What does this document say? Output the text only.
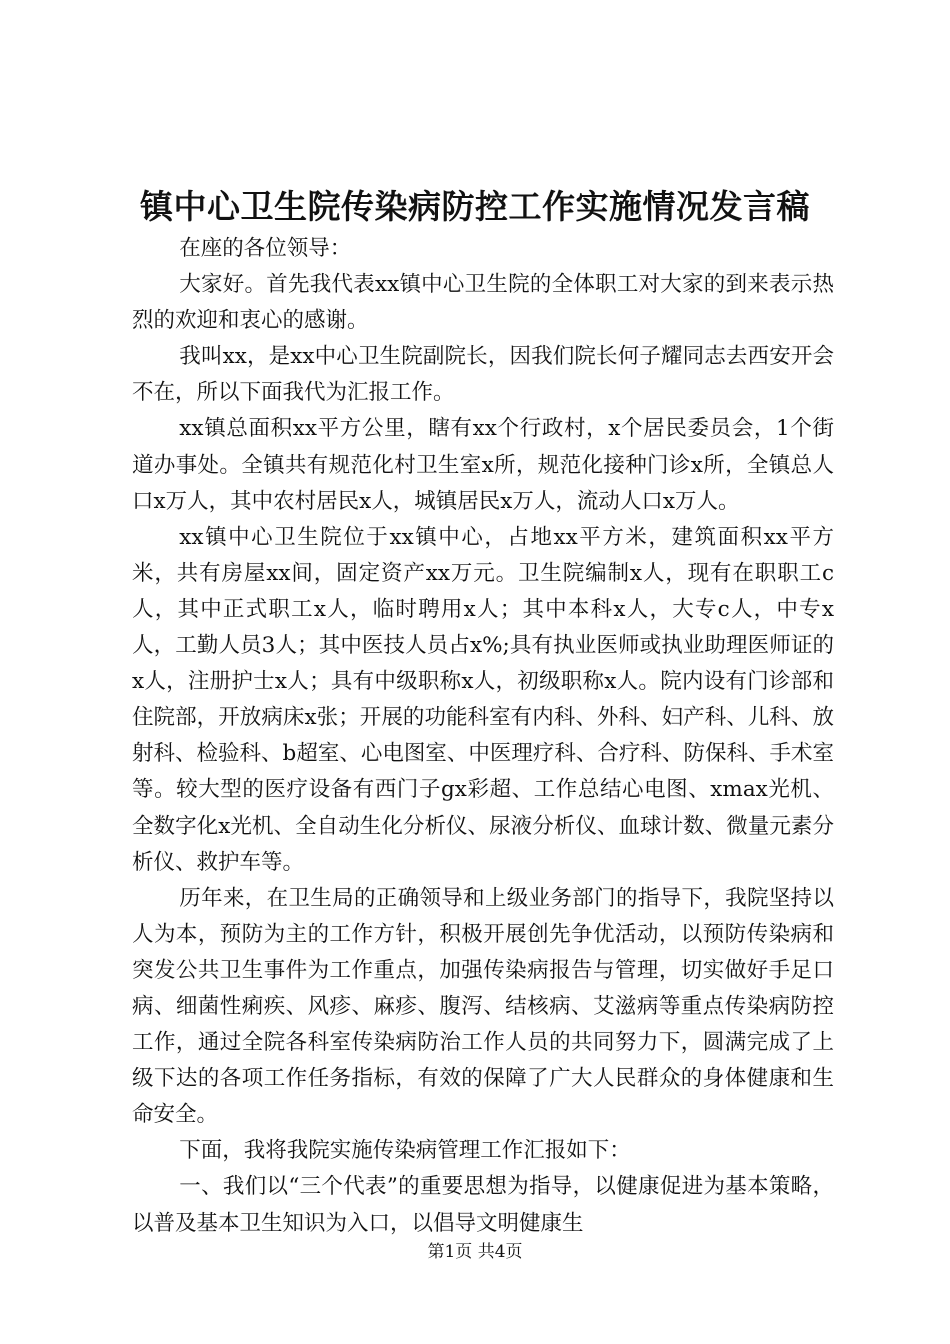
镇中心卫生院传染病防控工作实施情况发言稿

在座的各位领导：

大家好。首先我代表xx镇中心卫生院的全体职工对大家的到来表示热烈的欢迎和衷心的感谢。

我叫xx，是xx中心卫生院副院长，因我们院长何子耀同志去西安开会不在，所以下面我代为汇报工作。

xx镇总面积xx平方公里，瞎有xx个行政村，x个居民委员会，1个街道办事处。全镇共有规范化村卫生室x所，规范化接种门诊x所，全镇总人口x万人，其中农村居民x人，城镇居民x万人，流动人口x万人。

xx镇中心卫生院位于xx镇中心，占地xx平方米，建筑面积xx平方米，共有房屋xx间，固定资产xx万元。卫生院编制x人，现有在职职工c人，其中正式职工x人，临时聘用x人；其中本科x人，大专c人，中专x人，工勤人员3人；其中医技人员占x%;具有执业医师或执业助理医师证的x人，注册护士x人；具有中级职称x人，初级职称x人。院内设有门诊部和住院部，开放病床x张；开展的功能科室有内科、外科、妇产科、儿科、放射科、检验科、b超室、心电图室、中医理疗科、合疗科、防保科、手术室等。较大型的医疗设备有西门子gx彩超、工作总结心电图、xmax光机、全数字化x光机、全自动生化分析仪、尿液分析仪、血球计数、微量元素分析仪、救护车等。

历年来，在卫生局的正确领导和上级业务部门的指导下，我院坚持以人为本，预防为主的工作方针，积极开展创先争优活动，以预防传染病和突发公共卫生事件为工作重点，加强传染病报告与管理，切实做好手足口病、细菌性痢疾、风疹、麻疹、腹泻、结核病、艾滋病等重点传染病防控工作，通过全院各科室传染病防治工作人员的共同努力下，圆满完成了上级下达的各项工作任务指标，有效的保障了广大人民群众的身体健康和生命安全。

下面，我将我院实施传染病管理工作汇报如下：

一、我们以“三个代表”的重要思想为指导，以健康促进为基本策略，以普及基本卫生知识为入口，以倡导文明健康生

第1页 共4页
